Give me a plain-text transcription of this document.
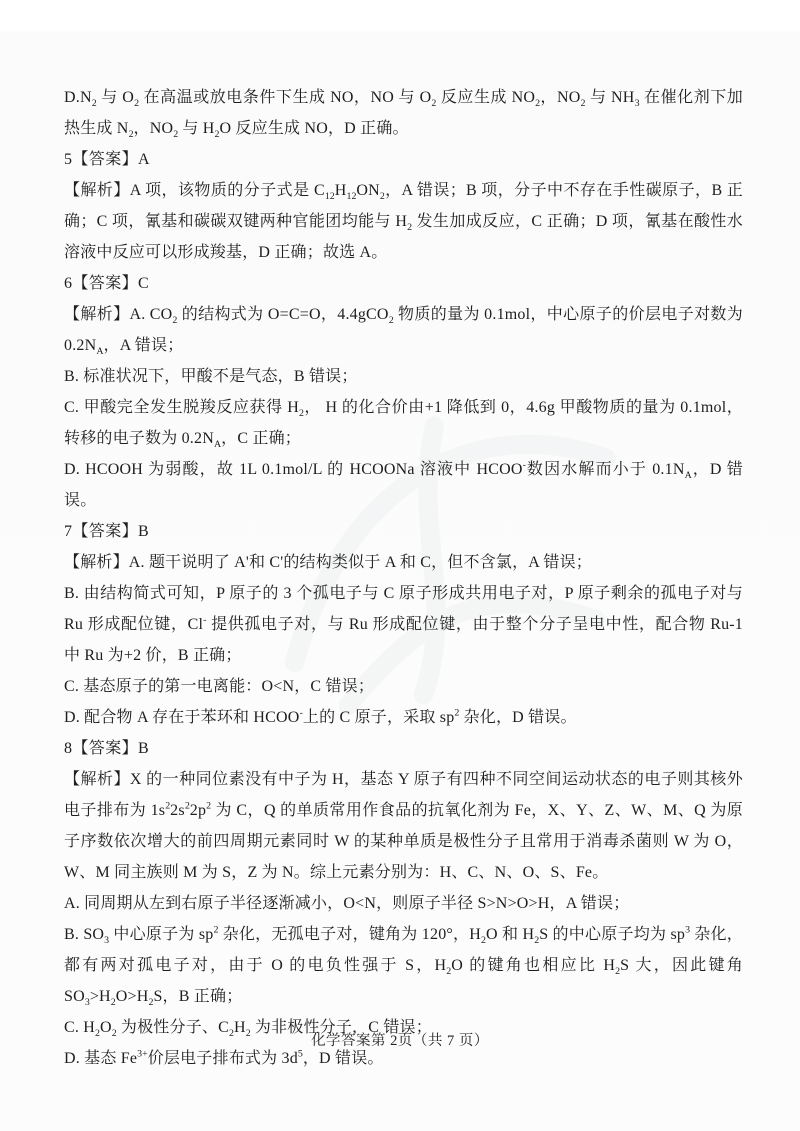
$D.N_2$ 与 $O_2$ 在高温或放电条件下生成 NO，NO 与 $O_2$ 反应生成 $NO_2$，$NO_2$ 与 $NH_3$ 在催化剂下加热生成 $N_2$，$NO_2$ 与 $H_2O$ 反应生成 NO，D 正确。

5【答案】A

【解析】A 项，该物质的分子式是 $C_{12}H_{12}ON_2$，A 错误；B 项，分子中不存在手性碳原子，B 正确；C 项，氰基和碳碳双键两种官能团均能与 $H_2$ 发生加成反应，C 正确；D 项，氰基在酸性水溶液中反应可以形成羧基，D 正确；故选 A。

6【答案】C

【解析】A. $CO_2$ 的结构式为 O=C=O，4.4gCO$_2$ 物质的量为 0.1mol，中心原子的价层电子对数为 $0.2N_A$，A 错误；

B. 标准状况下，甲酸不是气态，B 错误；

C. 甲酸完全发生脱羧反应获得 $H_2$， H 的化合价由+1 降低到 0，4.6g 甲酸物质的量为 0.1mol，转移的电子数为 $0.2N_A$，C 正确；

D. HCOOH 为弱酸，故 1L 0.1mol/L 的 HCOONa 溶液中 HCOO-数因水解而小于 $0.1N_A$，D 错误。

7【答案】B

【解析】A. 题干说明了 A'和 C'的结构类似于 A 和 C，但不含氯，A 错误；

B. 由结构简式可知，P 原子的 3 个孤电子与 C 原子形成共用电子对，P 原子剩余的孤电子对与 Ru 形成配位键，Cl- 提供孤电子对，与 Ru 形成配位键，由于整个分子呈电中性，配合物 Ru-1 中 Ru 为+2 价，B 正确；

C. 基态原子的第一电离能：O<N，C 错误；

D. 配合物 A 存在于苯环和 HCOO-上的 C 原子，采取 $sp^2$ 杂化，D 错误。

8【答案】B

【解析】X 的一种同位素没有中子为 H，基态 Y 原子有四种不同空间运动状态的电子则其核外电子排布为 $1s^22s^22p^2$ 为 C，Q 的单质常用作食品的抗氧化剂为 Fe，X、Y、Z、W、M、Q 为原子序数依次增大的前四周期元素同时 W 的某种单质是极性分子且常用于消毒杀菌则 W 为 O，W、M 同主族则 M 为 S，Z 为 N。综上元素分别为：H、C、N、O、S、Fe。

A. 同周期从左到右原子半径逐渐减小，O<N，则原子半径 S>N>O>H，A 错误；

B. $SO_3$ 中心原子为 $sp^2$ 杂化，无孤电子对，键角为 120°，$H_2O$ 和 $H_2S$ 的中心原子均为 $sp^3$ 杂化，都有两对孤电子对，由于 O 的电负性强于 S，$H_2O$ 的键角也相应比 $H_2S$ 大，因此键角 $SO_3>H_2O>H_2S$，B 正确；

C. $H_2O_2$ 为极性分子、$C_2H_2$ 为非极性分子，C 错误；

D. 基态 $Fe^{3+}$价层电子排布式为 $3d^5$，D 错误。

化学答案第 2页（共 7 页）
